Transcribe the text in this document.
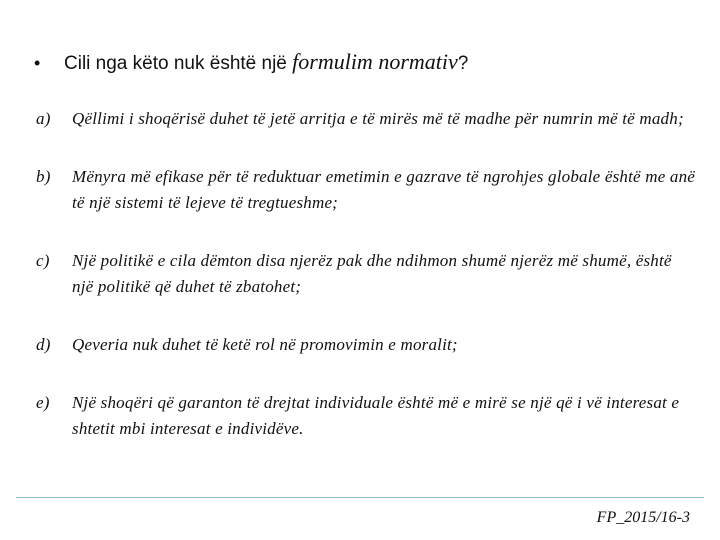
• Cili nga këto nuk është një formulim normativ?
a) Qëllimi i shoqërisë duhet të jetë arritja e të mirës më të madhe për numrin më të madh;
b) Mënyra më efikase për të reduktuar emetimin e gazrave të ngrohjes globale është me anë të një sistemi të lejeve të tregtueshme;
c) Një politikë e cila dëmton disa njerëz pak dhe ndihmon shumë njerëz më shumë, është një politikë që duhet të zbatohet;
d) Qeveria nuk duhet të ketë rol në promovimin e moralit;
e) Një shoqëri që garanton të drejtat individuale është më e mirë se një që i vë interesat e shtetit mbi interesat e individëve.
FP_2015/16-3
